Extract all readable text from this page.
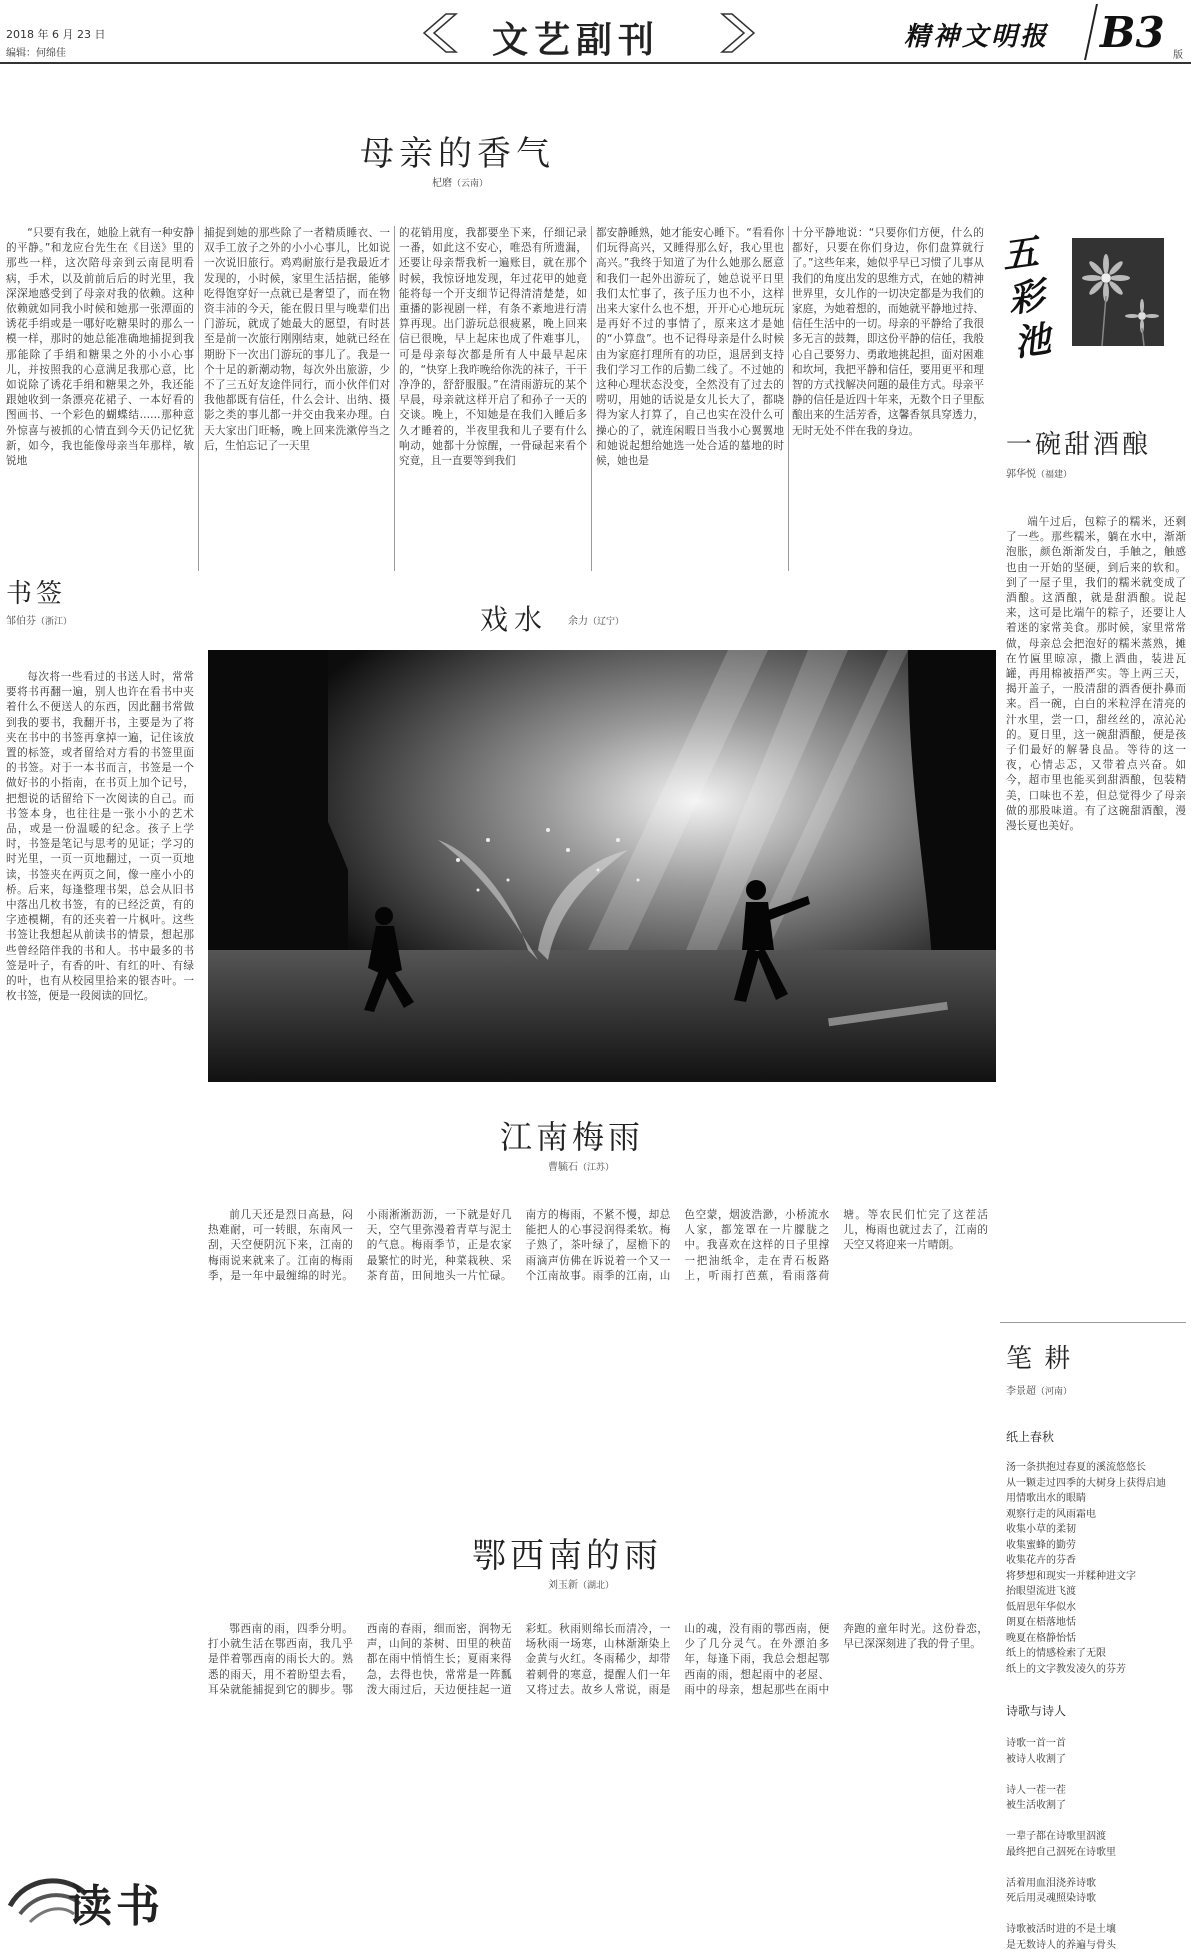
2018 年 6 月 23 日
编辑：何绵佳	文艺副刊	精神文明报 B3 版
母亲的香气
杞磨（云南）
“只要有我在，她脸上就有一种安静的平静。”和龙应台先生在《目送》里的那些一样，这次陪母亲到云南昆明看病，手术，以及前前后后的时光里，我深深地感受到了母亲对我的依赖。这种依赖就如同我小时候和她那一张潭面的诱花手绢或是一哪好吃糖果时的那么一模一样，那时的她总能准确地捕捉到我那能除了手绢和糖果之外的小小心事儿，并按照我的心意满足我那心意，比如说除了诱花手绢和糖果之外，我还能跟她收到一条漂亮花裙子、一本好看的图画书、一个彩色的蝴蝶结……那种意外惊喜与被抓的心情直到今天仍记忆犹新，如今，我也能像母亲当年那样，敏锐地
捕捉到她的那些除了一者精质睡衣、一双手工放子之外的小小心事儿，比如说一次说旧旅行。鸡鸡耐旅行是我最近才发现的，小时候，家里生活拮据，能够吃得饱穿好一点就已是奢望了，而在物资丰沛的今天，能在假日里与晚辈们出门游玩，就成了她最大的愿望，有时甚至是前一次旅行刚刚结束，她就已经在期盼下一次出门游玩的事儿了。我是一个十足的新潮动物，每次外出旅游，少不了三五好友途伴同行，而小伙伴们对我他都既有信任，什么会计、出纳、摄影之类的事儿都一并交由我来办理。白天大家出门旺畅，晚上回来洗漱停当之后，生怕忘记了一天里
的花销用度，我都要坐下来，仔细记录一番，如此这不安心，唯恐有所遗漏，还要让母亲帮我析一遍账目，就在那个时候，我惊讶地发现，年过花甲的她竟能将每一个开支细节记得清清楚楚，如重播的影视剧一样，有条不紊地进行清算再现。出门游玩总很疲累，晚上回来信已很晚，早上起床也成了件难事儿，可是母亲每次都是所有人中最早起床的，“快穿上我昨晚给你洗的袜子，干干净净的，舒舒服服。”在清雨游玩的某个早晨，母亲就这样开启了和孙子一天的交谈。晚上，不知她是在我们入睡后多久才睡着的，半夜里我和儿子要有什么响动，她都十分惊醒，一骨碌起来看个究竟，且一直要等到我们
都安静睡熟，她才能安心睡下。“看看你们玩得高兴，又睡得那么好，我心里也高兴。”我终于知道了为什么她那么愿意和我们一起外出游玩了，她总说平日里我们太忙事了，孩子压力也不小，这样出来大家什么也不想，开开心心地玩玩是再好不过的事情了，原来这才是她的“小算盘”。也不记得母亲是什么时候由为家庭打理所有的功臣，退居到支持我们学习工作的后勤二线了。不过她的这种心理状态没变，全然没有了过去的唠叨，用她的话说是女儿长大了，都晓得为家人打算了，自己也实在没什么可操心的了，就连闲暇日当我小心翼翼地和她说起想给她选一处合适的墓地的时候，她也是
十分平静地说：“只要你们方便，什么的都好，只要在你们身边，你们盘算就行了。”这些年来，她似乎早已习惯了儿事从我们的角度出发的思维方式，在她的精神世界里，女儿作的一切决定都是为我们的家庭，为她着想的，而她就平静地过持、信任生活中的一切。母亲的平静给了我很多无言的鼓舞，即这份平静的信任，我般心自己要努力、勇敢地挑起担，面对困难和坎坷，我把平静和信任，要用更平和理智的方式找解决问题的最佳方式。母亲平静的信任是近四十年来，无数个日子里酝酿出来的生活芳香，这馨香氛具穿透力，无时无处不伴在我的身边。
五彩池
一碗甜酒酿
郭华悦（福建）
端午过后，包粽子的糯米，还剩了一些。那些糯米，躺在水中，渐渐泡胀，颜色渐渐发白，手触之，触感也由一开始的坚硬，到后来的软和。到了一屋子里，我们的糯米就变成了酒酿。这酒酿，就是甜酒酿。说起来，这可是比端午的粽子，还要让人着迷的家常美食。那时候，家里常常做，母亲总会把泡好的糯米蒸熟，摊在竹匾里晾凉，撒上酒曲，装进瓦罐，再用棉被捂严实。等上两三天，揭开盖子，一股清甜的酒香便扑鼻而来。舀一碗，白白的米粒浮在清亮的汁水里，尝一口，甜丝丝的，凉沁沁的。夏日里，这一碗甜酒酿，便是孩子们最好的解暑良品。等待的这一夜，心情忐忑，又带着点兴奋。如今，超市里也能买到甜酒酿，包装精美，口味也不差，但总觉得少了母亲做的那股味道。有了这碗甜酒酿，漫漫长夏也美好。
书签
邹伯芬（浙江）
每次将一些看过的书送人时，常常要将书再翻一遍，别人也许在看书中夹着什么不便送人的东西，因此翻书常做到我的要书，我翻开书，主要是为了将夹在书中的书签再拿掉一遍，记住该放置的标签，或者留给对方看的书签里面的书签。对于一本书而言，书签是一个做好书的小指南，在书页上加个记号，把想说的话留给下一次阅读的自己。而书签本身，也往往是一张小小的艺术品，或是一份温暖的纪念。孩子上学时，书签是笔记与思考的见证；学习的时光里，一页一页地翻过，一页一页地读，书签夹在两页之间，像一座小小的桥。后来，每逢整理书架，总会从旧书中落出几枚书签，有的已经泛黄，有的字迹模糊，有的还夹着一片枫叶。这些书签让我想起从前读书的情景，想起那些曾经陪伴我的书和人。书中最多的书签是叶子，有香的叶、有红的叶、有绿的叶，也有从校园里拾来的银杏叶。一枚书签，便是一段阅读的回忆。
戏水 余力（辽宁）
江南梅雨
曹毓石（江苏）
前几天还是烈日高悬，闷热难耐，可一转眼，东南风一刮，天空便阴沉下来，江南的梅雨说来就来了。江南的梅雨季，是一年中最缠绵的时光。小雨淅淅沥沥，一下就是好几天，空气里弥漫着青草与泥土的气息。梅雨季节，正是农家最繁忙的时光，种菜栽秧、采茶育苗，田间地头一片忙碌。南方的梅雨，不紧不慢，却总能把人的心事浸润得柔软。梅子熟了，茶叶绿了，屋檐下的雨滴声仿佛在诉说着一个又一个江南故事。雨季的江南，山色空蒙，烟波浩渺，小桥流水人家，都笼罩在一片朦胧之中。我喜欢在这样的日子里撑一把油纸伞，走在青石板路上，听雨打芭蕉，看雨落荷塘。等农民们忙完了这茬活儿，梅雨也就过去了，江南的天空又将迎来一片晴朗。
鄂西南的雨
刘玉新（湖北）
鄂西南的雨，四季分明。打小就生活在鄂西南，我几乎是伴着鄂西南的雨长大的。熟悉的雨天，用不着盼望去看，耳朵就能捕捉到它的脚步。鄂西南的春雨，细而密，润物无声，山间的茶树、田里的秧苗都在雨中悄悄生长；夏雨来得急，去得也快，常常是一阵瓢泼大雨过后，天边便挂起一道彩虹。秋雨则绵长而清冷，一场秋雨一场寒，山林渐渐染上金黄与火红。冬雨稀少，却带着刺骨的寒意，提醒人们一年又将过去。故乡人常说，雨是山的魂，没有雨的鄂西南，便少了几分灵气。在外漂泊多年，每逢下雨，我总会想起鄂西南的雨，想起雨中的老屋、雨中的母亲，想起那些在雨中奔跑的童年时光。这份眷恋，早已深深刻进了我的骨子里。
笔 耕
李景超（河南）
纸上春秋

汤一条拱抱过春夏的溪流悠悠长

从一颗走过四季的大树身上获得启迪

用情歌出水的眼睛

观察行走的风雨霜电

收集小草的柔韧

收集蜜蜂的勤劳

收集花卉的芬香

将梦想和现实一并糅种进文字

抬眼望流进飞渡

低眉思年华似水

朗夏在梧落地恬

晚夏在格静怡恬

纸上的情感检索了无限

纸上的文字教发凌久的芬芳

诗歌与诗人

诗歌一首一首

被诗人收割了

诗人一茬一茬

被生活收割了

一辈子都在诗歌里泅渡

最终把自己泅死在诗歌里

活着用血泪浇养诗歌

死后用灵魂照染诗歌

诗歌被活时进的不是土壤

是无数诗人的养遍与骨头

读书
